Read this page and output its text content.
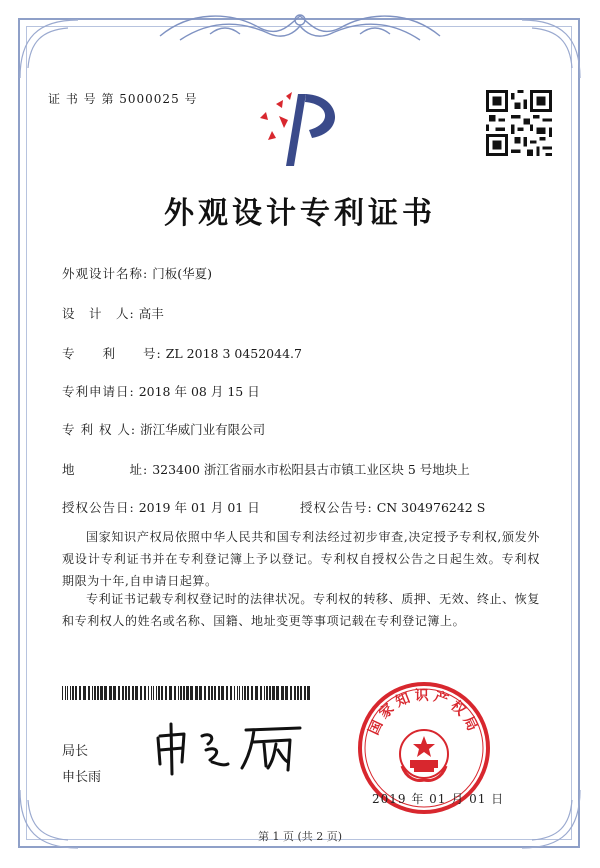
证 书 号 第 5000025 号
外观设计专利证书
外观设计名称: 门板(华夏)
设　计　人: 高丰
专　　利　　号: ZL 2018 3 0452044.7
专利申请日: 2018 年 08 月 15 日
专 利 权 人: 浙江华威门业有限公司
地　　　　址: 323400 浙江省丽水市松阳县古市镇工业区块 5 号地块上
授权公告日: 2019 年 01 月 01 日	授权公告号: CN 304976242 S
国家知识产权局依照中华人民共和国专利法经过初步审查,决定授予专利权,颁发外观设计专利证书并在专利登记簿上予以登记。专利权自授权公告之日起生效。专利权期限为十年,自申请日起算。
专利证书记载专利权登记时的法律状况。专利权的转移、质押、无效、终止、恢复和专利权人的姓名或名称、国籍、地址变更等事项记载在专利登记簿上。
局长
申长雨
国家知识产权局
2019 年 01 月 01 日
第 1 页 (共 2 页)
